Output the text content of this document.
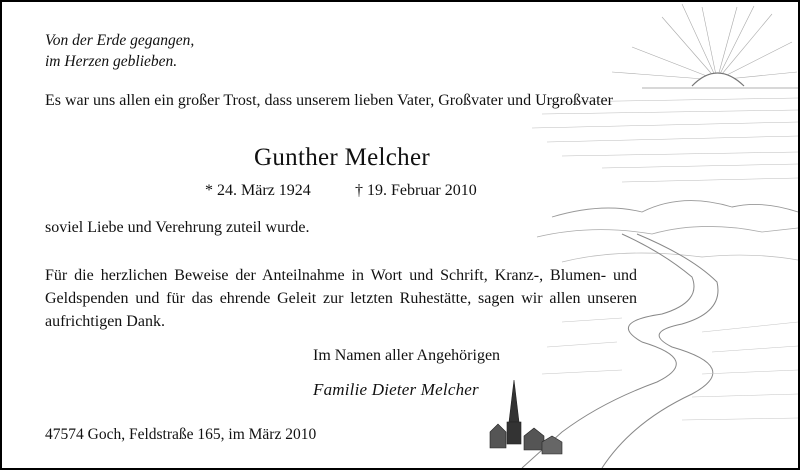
Von der Erde gegangen,
im Herzen geblieben.
Es war uns allen ein großer Trost, dass unserem lieben Vater, Großvater und Urgroßvater
Gunther Melcher
* 24. März 1924	† 19. Februar 2010
soviel Liebe und Verehrung zuteil wurde.
Für die herzlichen Beweise der Anteilnahme in Wort und Schrift, Kranz-, Blumen- und Geldspenden und für das ehrende Geleit zur letzten Ruhestätte, sagen wir allen unseren aufrichtigen Dank.
Im Namen aller Angehörigen
Familie Dieter Melcher
47574 Goch, Feldstraße 165, im März 2010
